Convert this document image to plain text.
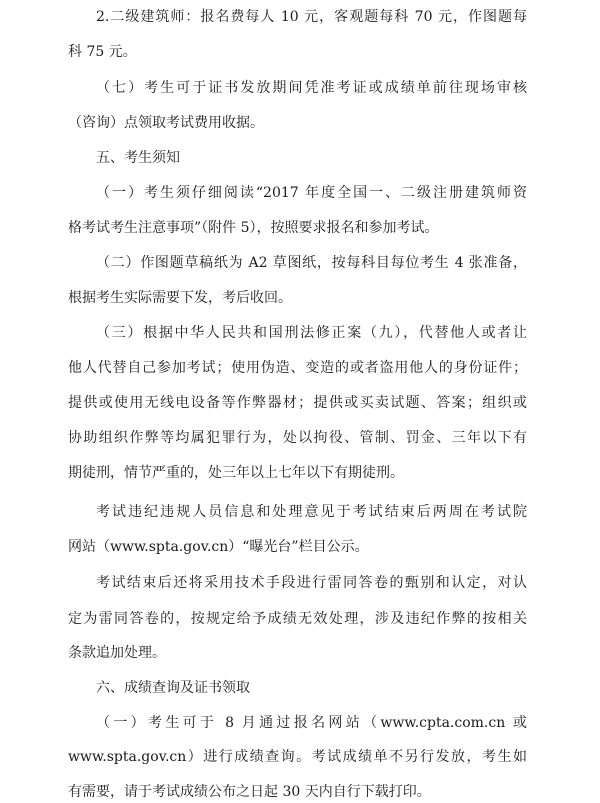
2.二级建筑师：报名费每人 10 元，客观题每科 70 元，作图题每
科 75 元。
（七）考生可于证书发放期间凭准考证或成绩单前往现场审核
（咨询）点领取考试费用收据。
五、考生须知
（一）考生须仔细阅读“2017 年度全国一、二级注册建筑师资
格考试考生注意事项”（附件 5），按照要求报名和参加考试。
（二）作图题草稿纸为 A2 草图纸，按每科目每位考生 4 张准备，
根据考生实际需要下发，考后收回。
（三）根据中华人民共和国刑法修正案（九），代替他人或者让
他人代替自己参加考试；使用伪造、变造的或者盗用他人的身份证件；
提供或使用无线电设备等作弊器材；提供或买卖试题、答案；组织或
协助组织作弊等均属犯罪行为，处以拘役、管制、罚金、三年以下有
期徒刑，情节严重的，处三年以上七年以下有期徒刑。
考试违纪违规人员信息和处理意见于考试结束后两周在考试院
网站（www.spta.gov.cn）“曝光台”栏目公示。
考试结束后还将采用技术手段进行雷同答卷的甄别和认定，对认
定为雷同答卷的，按规定给予成绩无效处理，涉及违纪作弊的按相关
条款追加处理。
六、成绩查询及证书领取
（一）考生可于 8 月通过报名网站（www.cpta.com.cn 或
www.spta.gov.cn）进行成绩查询。考试成绩单不另行发放，考生如
有需要，请于考试成绩公布之日起 30 天内自行下载打印。
